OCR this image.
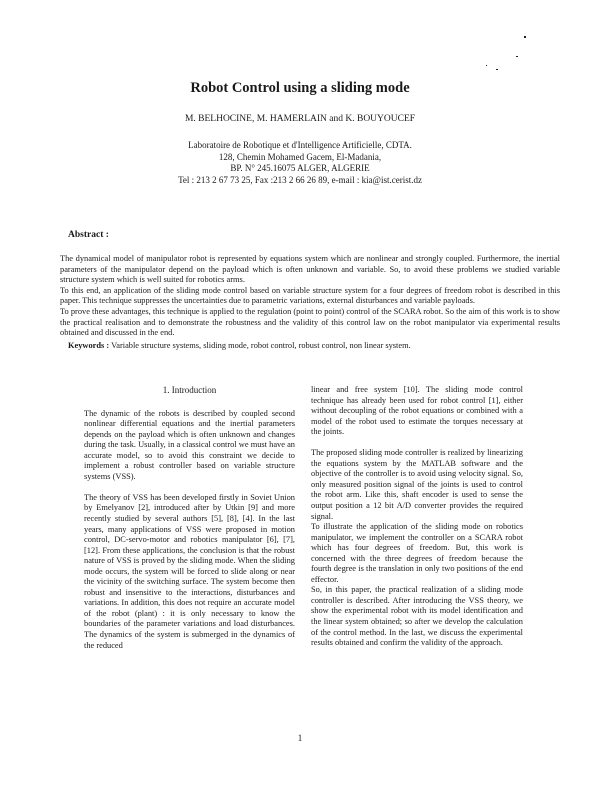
Robot Control using a sliding mode
M. BELHOCINE, M. HAMERLAIN and K. BOUYOUCEF
Laboratoire de Robotique et d'Intelligence Artificielle, CDTA.
128, Chemin Mohamed Gacem, El-Madania,
BP. N° 245.16075 ALGER, ALGERIE
Tel : 213 2 67 73 25, Fax :213 2 66 26 89, e-mail : kia@ist.cerist.dz
Abstract :

The dynamical model of manipulator robot is represented by equations system which are nonlinear and strongly coupled. Furthermore, the inertial parameters of the manipulator depend on the payload which is often unknown and variable. So, to avoid these problems we studied variable structure system which is well suited for robotics arms.

To this end, an application of the sliding mode control based on variable structure system for a four degrees of freedom robot is described in this paper. This technique suppresses the uncertainties due to parametric variations, external disturbances and variable payloads.

To prove these advantages, this technique is applied to the regulation (point to point) control of the SCARA robot. So the aim of this work is to show the practical realisation and to demonstrate the robustness and the validity of this control law on the robot manipulator via experimental results obtained and discussed in the end.

Keywords : Variable structure systems, sliding mode, robot control, robust control, non linear system.
1. Introduction

The dynamic of the robots is described by coupled second nonlinear differential equations and the inertial parameters depends on the payload which is often unknown and changes during the task. Usually, in a classical control we must have an accurate model, so to avoid this constraint we decide to implement a robust controller based on variable structure systems (VSS).

The theory of VSS has been developed firstly in Soviet Union by Emelyanov [2], introduced after by Utkin [9] and more recently studied by several authors [5], [8], [4]. In the last years, many applications of VSS were proposed in motion control, DC-servo-motor and robotics manipulator [6], [7], [12]. From these applications, the conclusion is that the robust nature of VSS is proved by the sliding mode. When the sliding mode occurs, the system will be forced to slide along or near the vicinity of the switching surface. The system become then robust and insensitive to the interactions, disturbances and variations. In addition, this does not require an accurate model of the robot (plant) : it is only necessary to know the boundaries of the parameter variations and load disturbances. The dynamics of the system is submerged in the dynamics of the reduced

linear and free system [10]. The sliding mode control technique has already been used for robot control [1], either without decoupling of the robot equations or combined with a model of the robot used to estimate the torques necessary at the joints.

The proposed sliding mode controller is realized by linearizing the equations system by the MATLAB software and the objective of the controller is to avoid using velocity signal. So, only measured position signal of the joints is used to control the robot arm. Like this, shaft encoder is used to sense the output position a 12 bit A/D converter provides the required signal.

To illustrate the application of the sliding mode on robotics manipulator, we implement the controller on a SCARA robot which has four degrees of freedom. But, this work is concerned with the three degrees of freedom because the fourth degree is the translation in only two positions of the end effector.

So, in this paper, the practical realization of a sliding mode controller is described. After introducing the VSS theory, we show the experimental robot with its model identification and the linear system obtained; so after we develop the calculation of the control method. In the last, we discuss the experimental results obtained and confirm the validity of the approach.

1
